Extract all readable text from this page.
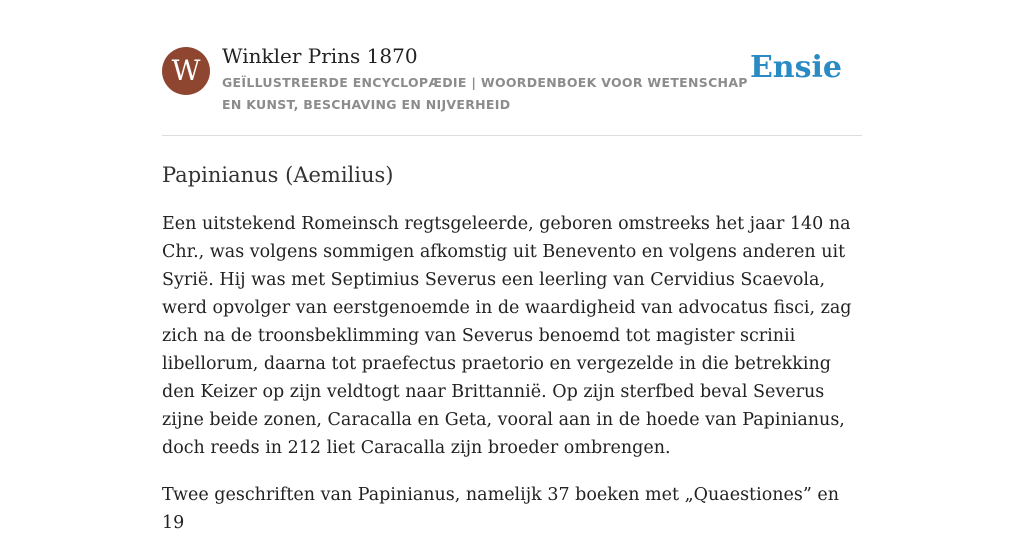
W	Winkler Prins 1870
GEÏLLUSTREERDE ENCYCLOPÆDIE | WOORDENBOEK VOOR WETENSCHAP EN KUNST, BESCHAVING EN NIJVERHEID
Ensie
Papinianus (Aemilius)

Een uitstekend Romeinsch regtsgeleerde, geboren omstreeks het jaar 140 na Chr., was volgens sommigen afkomstig uit Benevento en volgens anderen uit Syrië. Hij was met Septimius Severus een leerling van Cervidius Scaevola, werd opvolger van eerstgenoemde in de waardigheid van advocatus fisci, zag zich na de troonsbeklimming van Severus benoemd tot magister scrinii libellorum, daarna tot praefectus praetorio en vergezelde in die betrekking den Keizer op zijn veldtogt naar Brittannië. Op zijn sterfbed beval Severus zijne beide zonen, Caracalla en Geta, vooral aan in de hoede van Papinianus, doch reeds in 212 liet Caracalla zijn broeder ombrengen.

Twee geschriften van Papinianus, namelijk 37 boeken met „Quaestiones” en 19
